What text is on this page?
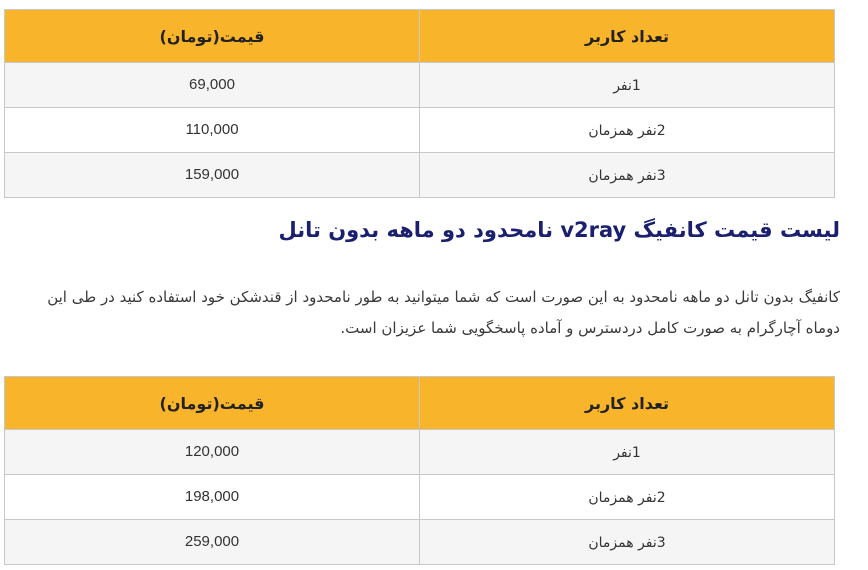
تعداد کاربر	قیمت(تومان)
1نفر	69,000
2نفر همزمان	110,000
3نفر همزمان	159,000
لیست قیمت کانفیگ v2ray نامحدود دو ماهه بدون تانل

کانفیگ بدون تانل دو ماهه نامحدود به این صورت است که شما میتوانید به طور نامحدود از قندشکن خود استفاده کنید در طی این دوماه آچارگرام به صورت کامل دردسترس و آماده پاسخگویی شما عزیزان است.

تعداد کاربر	قیمت(تومان)
1نفر	120,000
2نفر همزمان	198,000
3نفر همزمان	259,000
